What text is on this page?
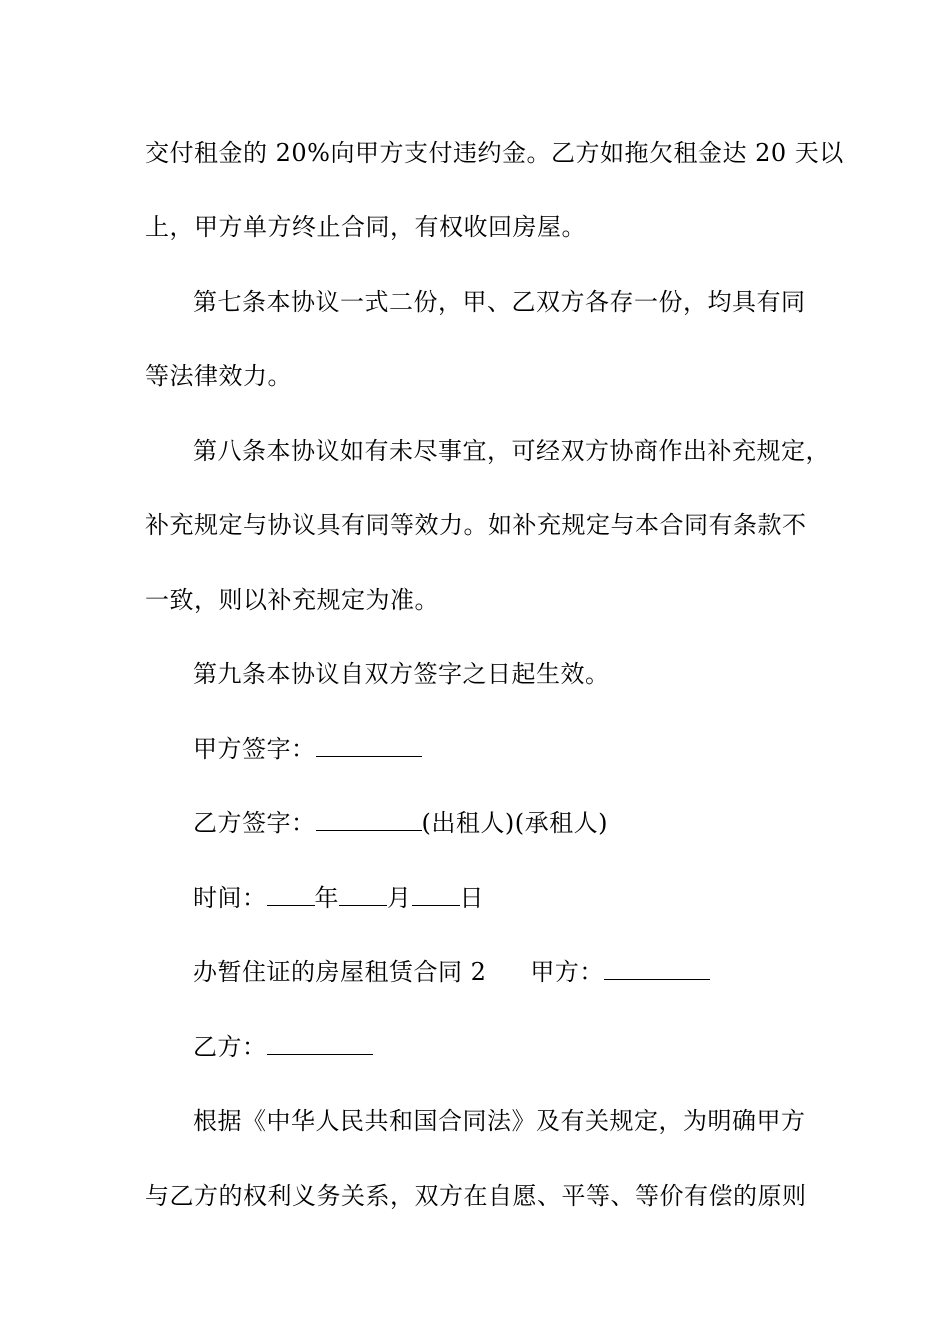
交付租金的 20%向甲方支付违约金。乙方如拖欠租金达 20 天以
上，甲方单方终止合同，有权收回房屋。
第七条本协议一式二份，甲、乙双方各存一份，均具有同
等法律效力。
第八条本协议如有未尽事宜，可经双方协商作出补充规定，
补充规定与协议具有同等效力。如补充规定与本合同有条款不
一致，则以补充规定为准。
第九条本协议自双方签字之日起生效。
甲方签字：
乙方签字：	(出租人)(承租人)
时间： 年 月 日
办暂住证的房屋租赁合同 2 甲方：
乙方：
根据《中华人民共和国合同法》及有关规定，为明确甲方
与乙方的权利义务关系，双方在自愿、平等、等价有偿的原则
